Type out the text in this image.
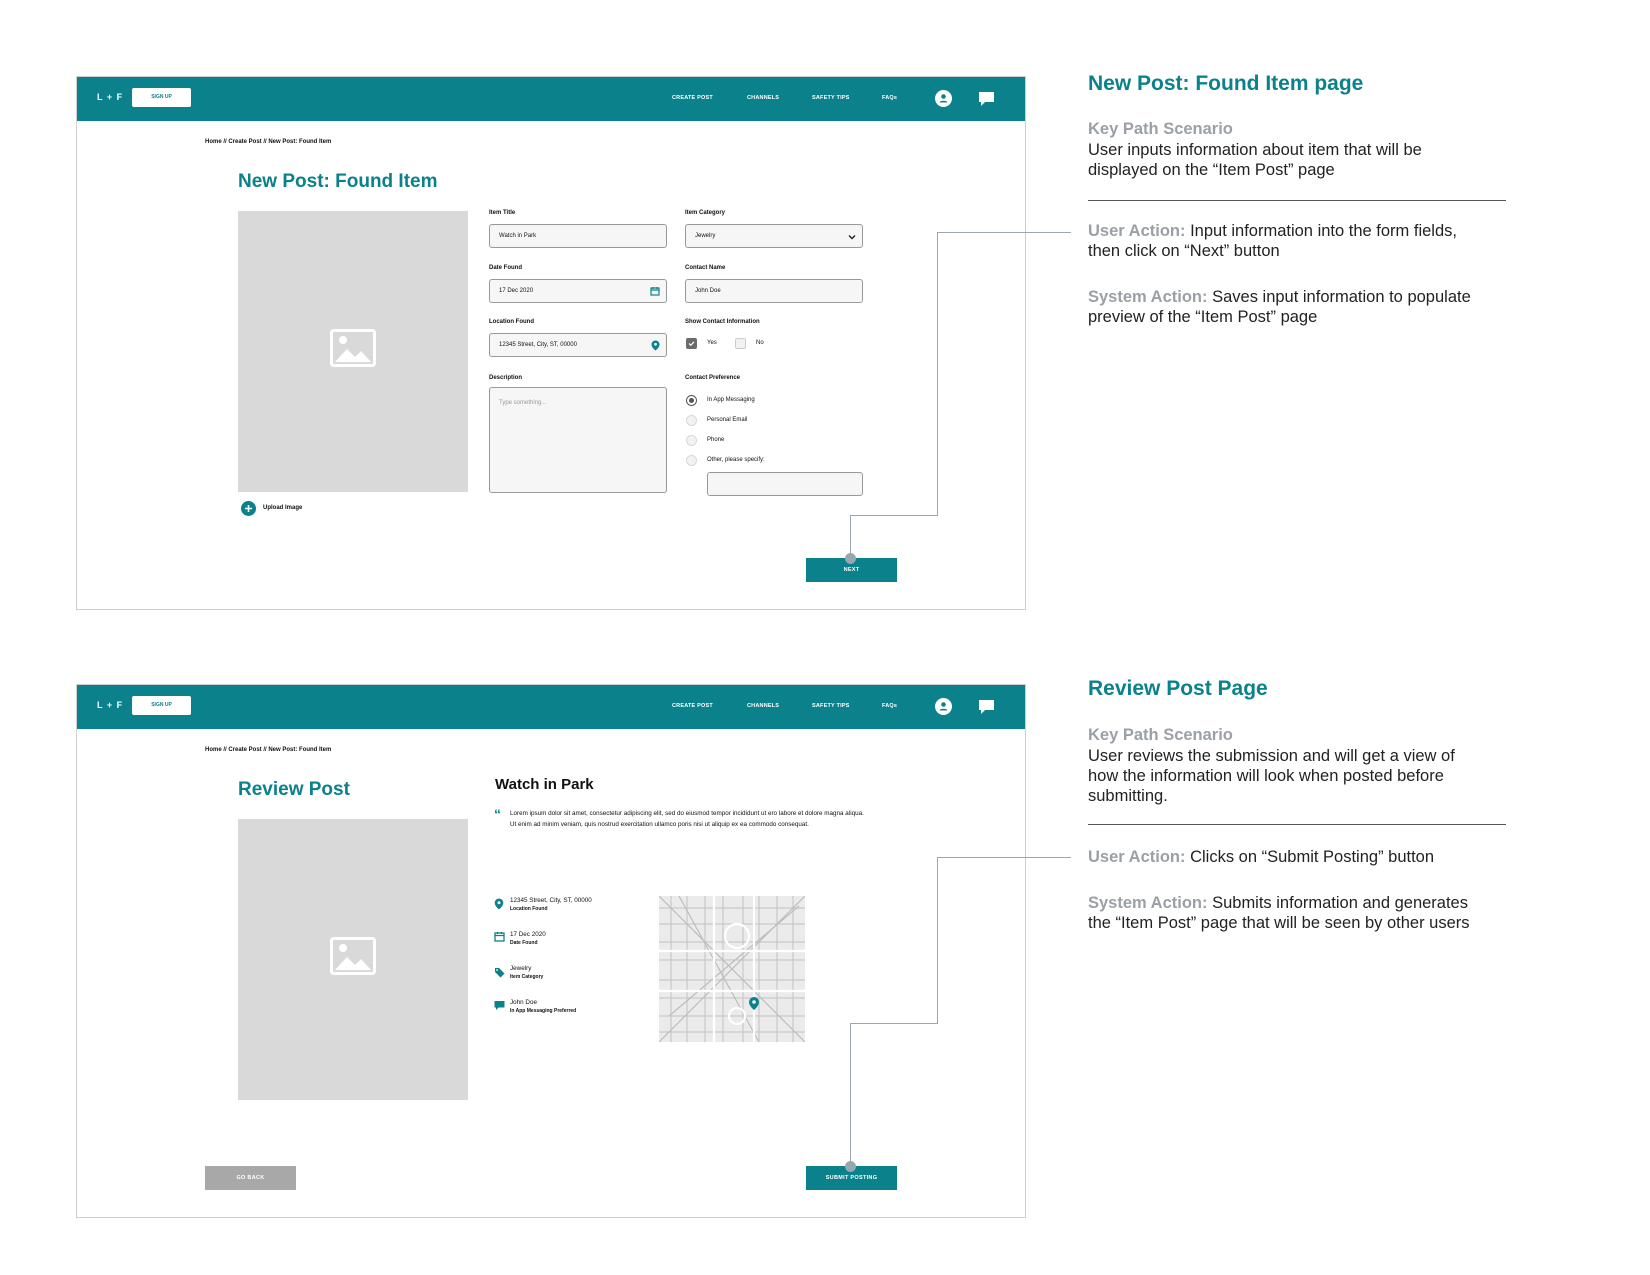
L + F	SIGN UP	CREATE POST	CHANNELS	SAFETY TIPS	FAQs
Home // Create Post // New Post: Found Item
New Post: Found Item
Upload Image
Item Title
Watch in Park
Item Category
Jewelry
Date Found
17 Dec 2020
Contact Name
John Doe
Location Found
12345 Street, City, ST, 00000
Show Contact Information
Yes	No
Description
Type something...
Contact Preference
In App Messaging
Personal Email
Phone
Other, please specify:
NEXT
L + F	SIGN UP	CREATE POST	CHANNELS	SAFETY TIPS	FAQs
Home // Create Post // New Post: Found Item
Review Post	Watch in Park
“ Lorem ipsum dolor sit amet, consectetur adipiscing elit, sed do eiusmod tempor incididunt ut ero labore et dolore magna aliqua. Ut enim ad minim veniam, quis nostrud exercitation ullamco poris nisi ut aliquip ex ea commodo consequat.
12345 Street, City, ST, 00000
Location Found
17 Dec 2020
Date Found
Jewelry
Item Category
John Doe
In App Messaging Preferred
GO BACK	SUBMIT POSTING
New Post: Found Item page
Key Path Scenario
User inputs information about item that will be displayed on the “Item Post” page
User Action: Input information into the form fields, then click on “Next” button
System Action: Saves input information to populate preview of the “Item Post” page
Review Post Page
Key Path Scenario
User reviews the submission and will get a view of how the information will look when posted before submitting.
User Action: Clicks on “Submit Posting” button
System Action: Submits information and generates the “Item Post” page that will be seen by other users
